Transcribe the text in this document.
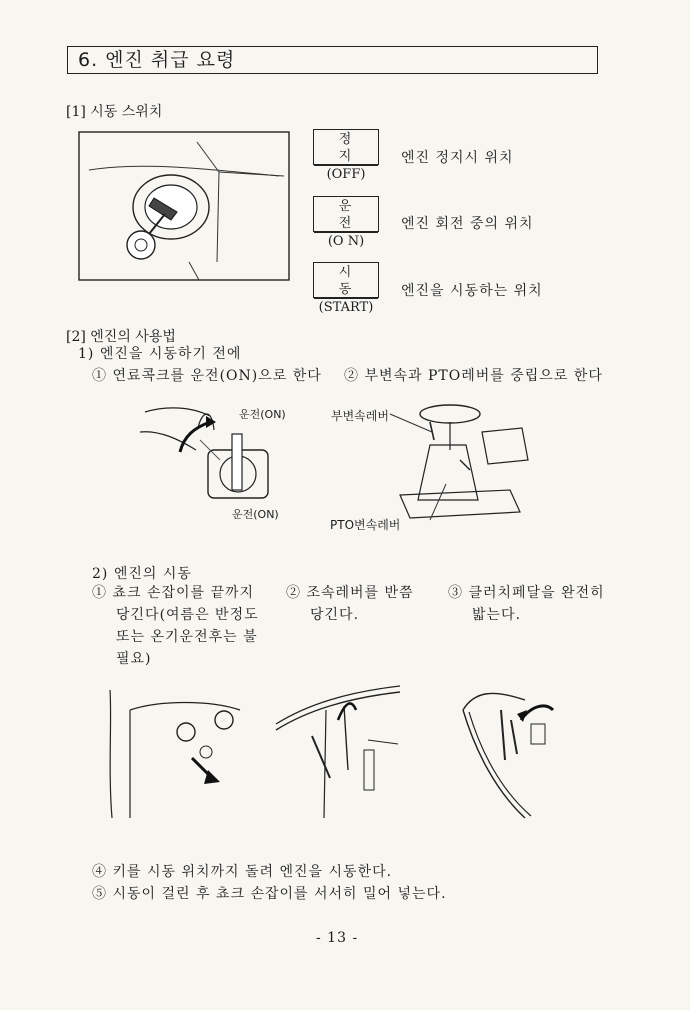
6. 엔진 취급 요령
[1] 시동 스위치
정 지
(OFF)
엔진 정지시 위치
운 전
(O N)
엔진 회전 중의 위치
시 동
(START)
엔진을 시동하는 위치
[2] 엔진의 사용법
1) 엔진을 시동하기 전에
① 연료콕크를 운전(ON)으로 한다 ② 부변속과 PTO레버를 중립으로 한다
운전(ON)
운전(ON)
부변속레버
PTO변속레버
2) 엔진의 시동
① 쵸크 손잡이를 끝까지
당긴다(여름은 반정도
또는 온기운전후는 불
필요)
② 조속레버를 반쯤
당긴다.
③ 클러치페달을 완전히
밟는다.
④ 키를 시동 위치까지 돌려 엔진을 시동한다.
⑤ 시동이 걸린 후 쵸크 손잡이를 서서히 밀어 넣는다.
- 13 -
